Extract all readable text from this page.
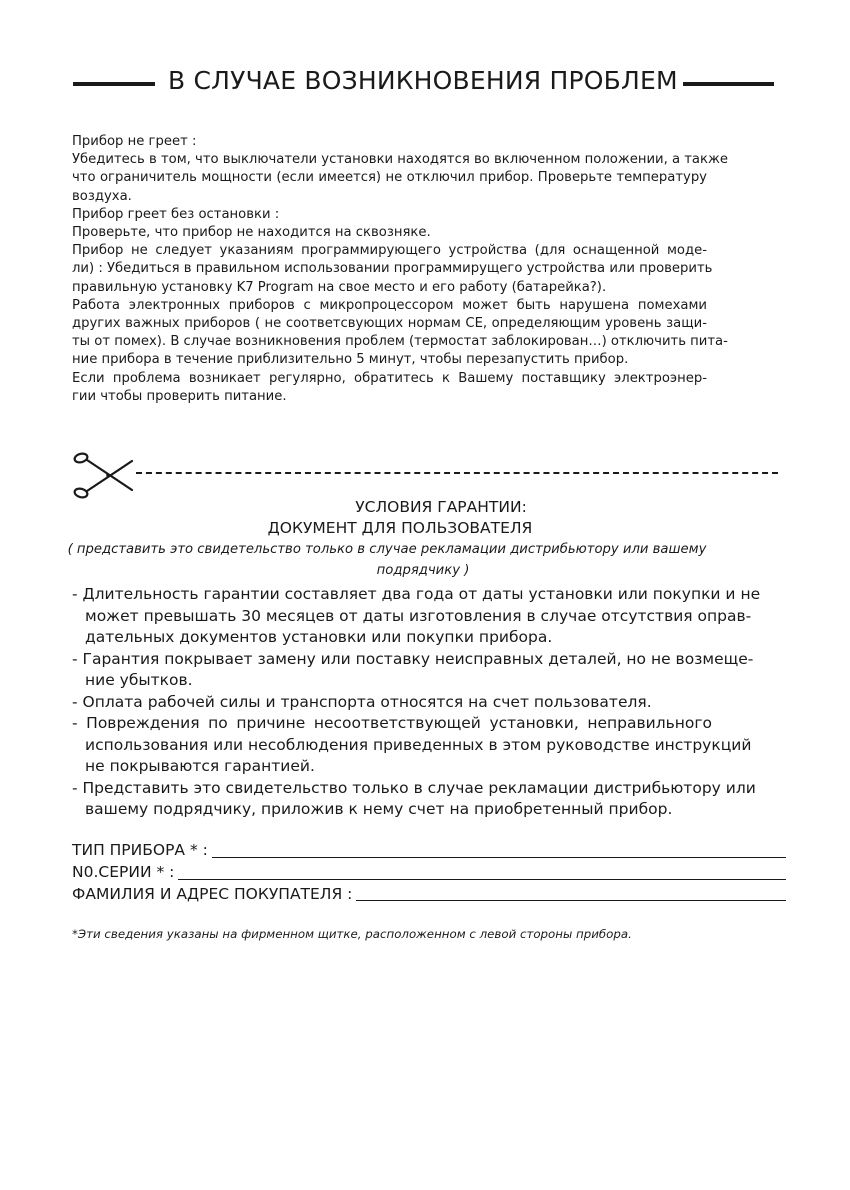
В СЛУЧАЕ ВОЗНИКНОВЕНИЯ ПРОБЛЕМ

Прибор не греет :

Убедитесь в том, что выключатели установки находятся во включенном положении, а также

что ограничитель мощности (если имеется) не отключил прибор. Проверьте температуру

воздуха.

Прибор греет без остановки :

Проверьте, что прибор не находится на сквозняке.

Прибор не следует указаниям программирующего устройства (для оснащенной моде-

ли) : Убедиться в правильном использовании программирущего устройства или проверить

правильную установку K7 Program на свое место и его работу (батарейка?).

Работа электронных приборов с микропроцессором может быть нарушена помехами

других важных приборов ( не соответсвующих нормам CE, определяющим уровень защи-

ты от помех). В случае возникновения проблем (термостат заблокирован…) отключить пита-

ние прибора в течение приблизительно 5 минут, чтобы перезапустить прибор.

Если проблема возникает регулярно, обратитесь к Вашему поставщику электроэнер-

гии чтобы проверить питание.

УСЛОВИЯ ГАРАНТИИ:
ДОКУМЕНТ ДЛЯ ПОЛЬЗОВАТЕЛЯ
( представить это свидетельство только в случае рекламации дистрибьютору или вашему
подрядчику )

- Длительность гарантии составляет два года от даты установки или покупки и не

может превышать 30 месяцев от даты изготовления в случае отсутствия оправ-

дательных документов установки или покупки прибора.

- Гарантия покрывает замену или поставку неисправных деталей, но не возмеще-

ние убытков.

- Оплата рабочей силы и транспорта относятся на счет пользователя.

- Повреждения по причине несоответствующей установки, неправильного

использования или несоблюдения приведенных в этом руководстве инструкций

не покрываются гарантией.

- Представить это свидетельство только в случае рекламации дистрибьютору или

вашему подрядчику, приложив к нему счет на приобретенный прибор.

ТИП ПРИБОРА * :
N0.СЕРИИ * :
ФАМИЛИЯ И АДРЕС ПОКУПАТЕЛЯ :
*Эти сведения указаны на фирменном щитке, расположенном с левой стороны прибора.
